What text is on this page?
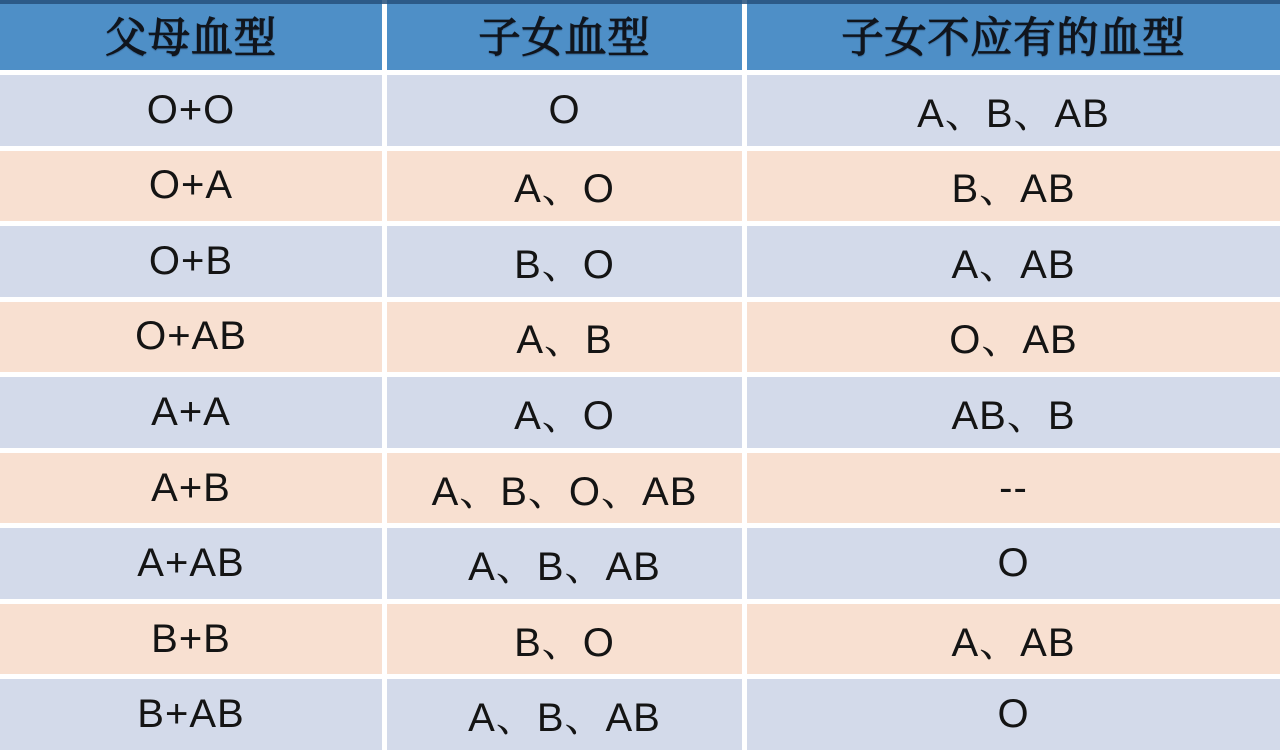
父母血型	子女血型	子女不应有的血型
O+O	O	A、B、AB
O+A	A、O	B、AB
O+B	B、O	A、AB
O+AB	A、B	O、AB
A+A	A、O	AB、B
A+B	A、B、O、AB	--
A+AB	A、B、AB	O
B+B	B、O	A、AB
B+AB	A、B、AB	O
